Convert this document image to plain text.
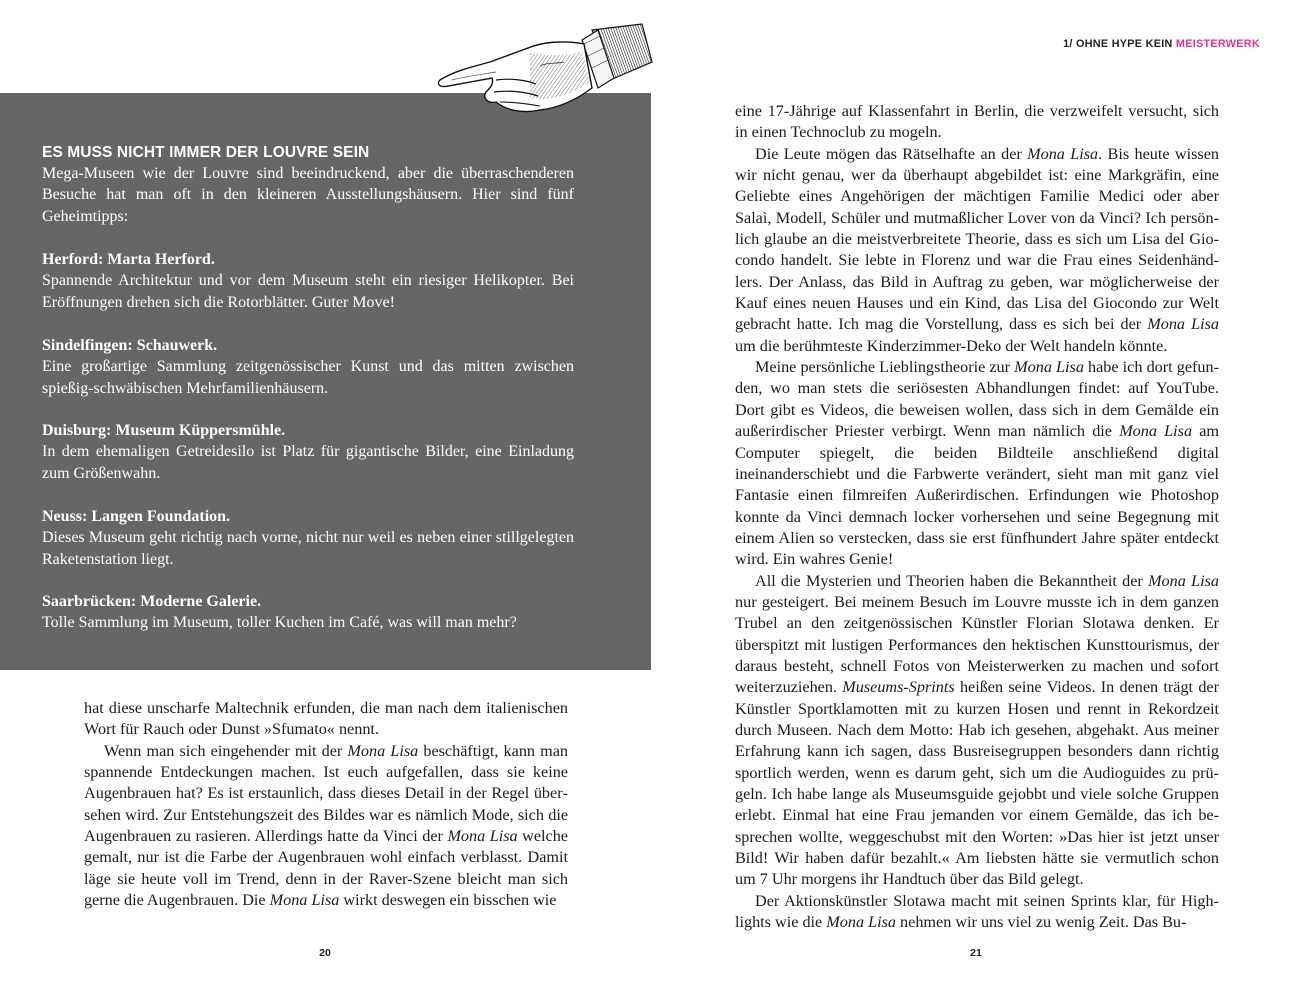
ES MUSS NICHT IMMER DER LOUVRE SEIN

Mega-Museen wie der Louvre sind beeindruckend, aber die überraschenderen Besuche hat man oft in den kleineren Ausstellungshäusern. Hier sind fünf Geheimtipps:

Herford: Marta Herford.
Spannende Architektur und vor dem Museum steht ein riesiger Helikopter. Bei Eröffnungen drehen sich die Rotorblätter. Guter Move!

Sindelfingen: Schauwerk.
Eine großartige Sammlung zeitgenössischer Kunst und das mitten zwischen spießig-schwäbischen Mehrfamilienhäusern.

Duisburg: Museum Küppersmühle.
In dem ehemaligen Getreidesilo ist Platz für gigantische Bilder, eine Einladung zum Größenwahn.

Neuss: Langen Foundation.
Dieses Museum geht richtig nach vorne, nicht nur weil es neben einer stillgelegten Raketenstation liegt.

Saarbrücken: Moderne Galerie.
Tolle Sammlung im Museum, toller Kuchen im Café, was will man mehr?

hat diese unscharfe Maltechnik erfunden, die man nach dem italienischen Wort für Rauch oder Dunst »Sfumato« nennt.

Wenn man sich eingehender mit der Mona Lisa beschäftigt, kann man spannende Entdeckungen machen. Ist euch aufgefallen, dass sie keine Augenbrauen hat? Es ist erstaunlich, dass dieses Detail in der Regel übersehen wird. Zur Entstehungszeit des Bildes war es nämlich Mode, sich die Augenbrauen zu rasieren. Allerdings hatte da Vinci der Mona Lisa welche gemalt, nur ist die Farbe der Augenbrauen wohl einfach verblasst. Damit läge sie heute voll im Trend, denn in der Raver-Szene bleicht man sich gerne die Augenbrauen. Die Mona Lisa wirkt deswegen ein bisschen wie

20
1/ OHNE HYPE KEIN MEISTERWERK

eine 17-Jährige auf Klassenfahrt in Berlin, die verzweifelt versucht, sich in einen Technoclub zu mogeln.

Die Leute mögen das Rätselhafte an der Mona Lisa. Bis heute wissen wir nicht genau, wer da überhaupt abgebildet ist: eine Markgräfin, eine Geliebte eines Angehörigen der mächtigen Familie Medici oder aber Salaì, Modell, Schüler und mutmaßlicher Lover von da Vinci? Ich persönlich glaube an die meistverbreitete Theorie, dass es sich um Lisa del Giocondo handelt. Sie lebte in Florenz und war die Frau eines Seidenhändlers. Der Anlass, das Bild in Auftrag zu geben, war möglicherweise der Kauf eines neuen Hauses und ein Kind, das Lisa del Giocondo zur Welt gebracht hatte. Ich mag die Vorstellung, dass es sich bei der Mona Lisa um die berühmteste Kinderzimmer-Deko der Welt handeln könnte.

Meine persönliche Lieblingstheorie zur Mona Lisa habe ich dort gefunden, wo man stets die seriösesten Abhandlungen findet: auf YouTube. Dort gibt es Videos, die beweisen wollen, dass sich in dem Gemälde ein außerirdischer Priester verbirgt. Wenn man nämlich die Mona Lisa am Computer spiegelt, die beiden Bildteile anschließend digital ineinanderschiebt und die Farbwerte verändert, sieht man mit ganz viel Fantasie einen filmreifen Außerirdischen. Erfindungen wie Photoshop konnte da Vinci demnach locker vorhersehen und seine Begegnung mit einem Alien so verstecken, dass sie erst fünfhundert Jahre später entdeckt wird. Ein wahres Genie!

All die Mysterien und Theorien haben die Bekanntheit der Mona Lisa nur gesteigert. Bei meinem Besuch im Louvre musste ich in dem ganzen Trubel an den zeitgenössischen Künstler Florian Slotawa denken. Er überspitzt mit lustigen Performances den hektischen Kunsttourismus, der daraus besteht, schnell Fotos von Meisterwerken zu machen und sofort weiterzuziehen. Museums-Sprints heißen seine Videos. In denen trägt der Künstler Sportklamotten mit zu kurzen Hosen und rennt in Rekordzeit durch Museen. Nach dem Motto: Hab ich gesehen, abgehakt. Aus meiner Erfahrung kann ich sagen, dass Busreisegruppen besonders dann richtig sportlich werden, wenn es darum geht, sich um die Audioguides zu prügeln. Ich habe lange als Museumsguide gejobbt und viele solche Gruppen erlebt. Einmal hat eine Frau jemanden vor einem Gemälde, das ich besprechen wollte, weggeschubst mit den Worten: »Das hier ist jetzt unser Bild! Wir haben dafür bezahlt.« Am liebsten hätte sie vermutlich schon um 7 Uhr morgens ihr Handtuch über das Bild gelegt.

Der Aktionskünstler Slotawa macht mit seinen Sprints klar, für Highlights wie die Mona Lisa nehmen wir uns viel zu wenig Zeit. Das Bu-

21
